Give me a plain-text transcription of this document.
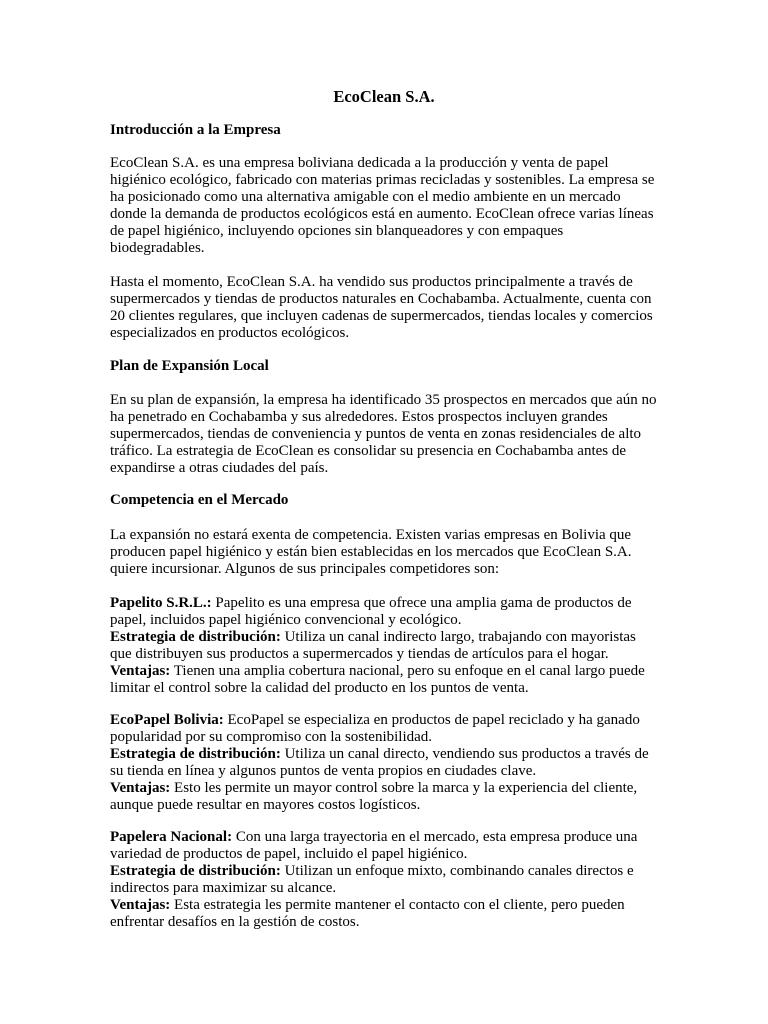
EcoClean S.A.
Introducción a la Empresa

EcoClean S.A. es una empresa boliviana dedicada a la producción y venta de papel higiénico ecológico, fabricado con materias primas recicladas y sostenibles. La empresa se ha posicionado como una alternativa amigable con el medio ambiente en un mercado donde la demanda de productos ecológicos está en aumento. EcoClean ofrece varias líneas de papel higiénico, incluyendo opciones sin blanqueadores y con empaques biodegradables.

Hasta el momento, EcoClean S.A. ha vendido sus productos principalmente a través de supermercados y tiendas de productos naturales en Cochabamba. Actualmente, cuenta con 20 clientes regulares, que incluyen cadenas de supermercados, tiendas locales y comercios especializados en productos ecológicos.

Plan de Expansión Local

En su plan de expansión, la empresa ha identificado 35 prospectos en mercados que aún no ha penetrado en Cochabamba y sus alrededores. Estos prospectos incluyen grandes supermercados, tiendas de conveniencia y puntos de venta en zonas residenciales de alto tráfico. La estrategia de EcoClean es consolidar su presencia en Cochabamba antes de expandirse a otras ciudades del país.

Competencia en el Mercado

La expansión no estará exenta de competencia. Existen varias empresas en Bolivia que producen papel higiénico y están bien establecidas en los mercados que EcoClean S.A. quiere incursionar. Algunos de sus principales competidores son:

Papelito S.R.L.: Papelito es una empresa que ofrece una amplia gama de productos de papel, incluidos papel higiénico convencional y ecológico.

Estrategia de distribución: Utiliza un canal indirecto largo, trabajando con mayoristas que distribuyen sus productos a supermercados y tiendas de artículos para el hogar.

Ventajas: Tienen una amplia cobertura nacional, pero su enfoque en el canal largo puede limitar el control sobre la calidad del producto en los puntos de venta.

EcoPapel Bolivia: EcoPapel se especializa en productos de papel reciclado y ha ganado popularidad por su compromiso con la sostenibilidad.

Estrategia de distribución: Utiliza un canal directo, vendiendo sus productos a través de su tienda en línea y algunos puntos de venta propios en ciudades clave.

Ventajas: Esto les permite un mayor control sobre la marca y la experiencia del cliente, aunque puede resultar en mayores costos logísticos.

Papelera Nacional: Con una larga trayectoria en el mercado, esta empresa produce una variedad de productos de papel, incluido el papel higiénico.

Estrategia de distribución: Utilizan un enfoque mixto, combinando canales directos e indirectos para maximizar su alcance.

Ventajas: Esta estrategia les permite mantener el contacto con el cliente, pero pueden enfrentar desafíos en la gestión de costos.
